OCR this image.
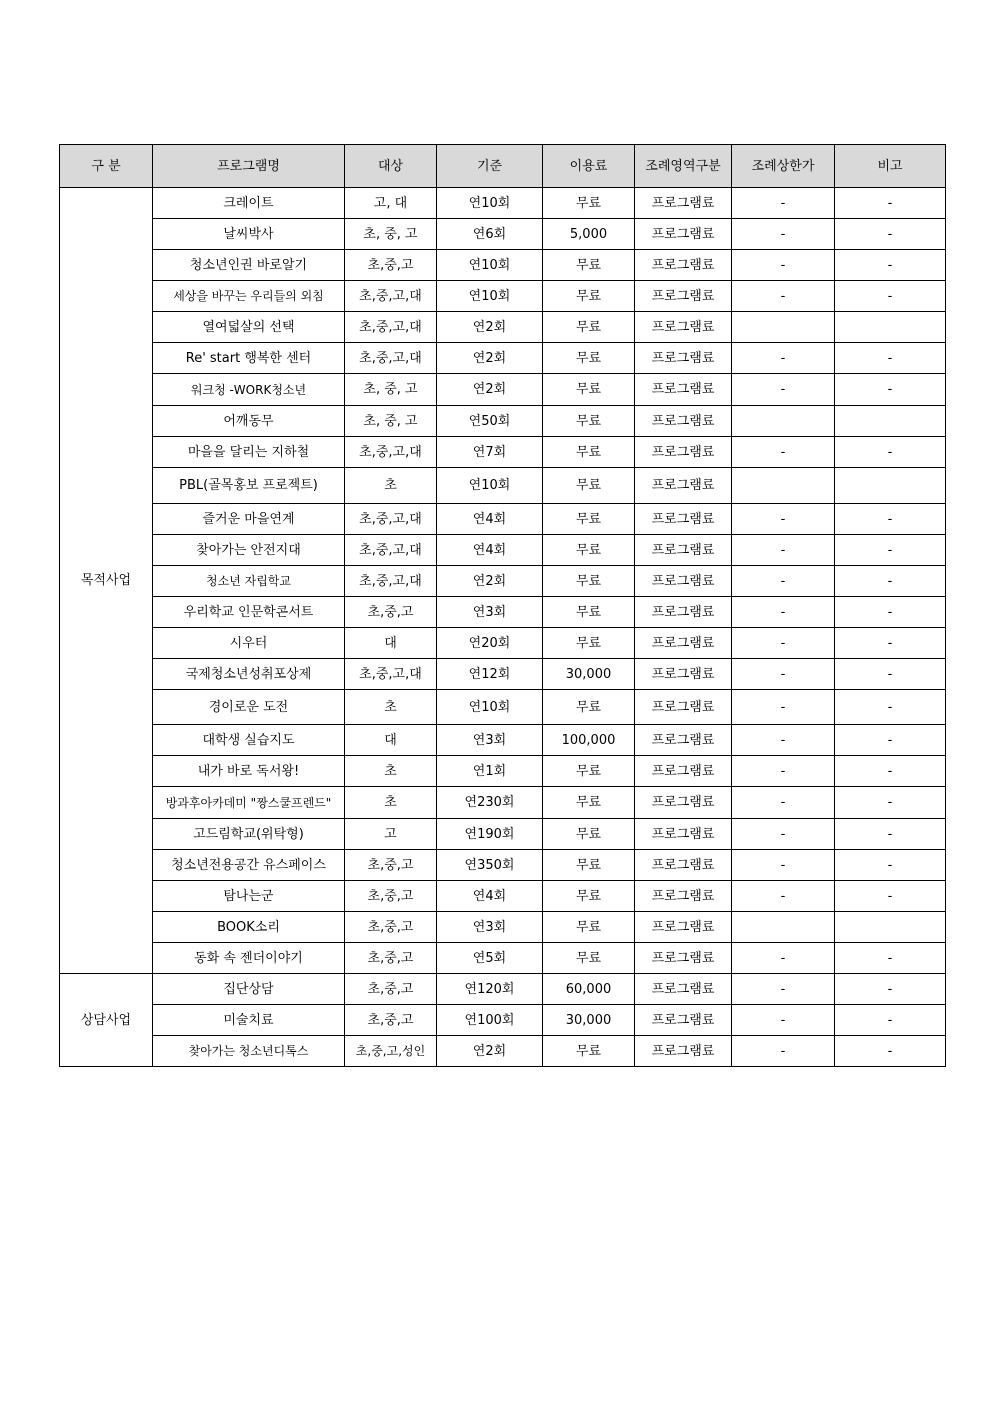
구 분	프로그램명	대상	기준	이용료	조례영역구분	조례상한가	비고
목적사업	크레이트	고, 대	연10회	무료	프로그램료	-	-
	날씨박사	초, 중, 고	연6회	5,000	프로그램료	-	-
	청소년인권 바로알기	초,중,고	연10회	무료	프로그램료	-	-
	세상을 바꾸는 우리들의 외침	초,중,고,대	연10회	무료	프로그램료	-	-
	열여덟살의 선택	초,중,고,대	연2회	무료	프로그램료		
	Re' start 행복한 센터	초,중,고,대	연2회	무료	프로그램료	-	-
	워크청 -WORK청소년	초, 중, 고	연2회	무료	프로그램료	-	-
	어깨동무	초, 중, 고	연50회	무료	프로그램료		
	마을을 달리는 지하철	초,중,고,대	연7회	무료	프로그램료	-	-
	PBL(골목홍보 프로젝트)	초	연10회	무료	프로그램료		
	즐거운 마을연계	초,중,고,대	연4회	무료	프로그램료	-	-
	찾아가는 안전지대	초,중,고,대	연4회	무료	프로그램료	-	-
	청소년 자립학교	초,중,고,대	연2회	무료	프로그램료	-	-
	우리학교 인문학콘서트	초,중,고	연3회	무료	프로그램료	-	-
	시우터	대	연20회	무료	프로그램료	-	-
	국제청소년성취포상제	초,중,고,대	연12회	30,000	프로그램료	-	-
	경이로운 도전	초	연10회	무료	프로그램료	-	-
	대학생 실습지도	대	연3회	100,000	프로그램료	-	-
	내가 바로 독서왕!	초	연1회	무료	프로그램료	-	-
	방과후아카데미 "짱스쿨프렌드"	초	연230회	무료	프로그램료	-	-
	고드림학교(위탁형)	고	연190회	무료	프로그램료	-	-
	청소년전용공간 유스페이스	초,중,고	연350회	무료	프로그램료	-	-
	탐나는군	초,중,고	연4회	무료	프로그램료	-	-
	BOOK소리	초,중,고	연3회	무료	프로그램료		
	동화 속 젠더이야기	초,중,고	연5회	무료	프로그램료	-	-
상담사업	집단상담	초,중,고	연120회	60,000	프로그램료	-	-
	미술치료	초,중,고	연100회	30,000	프로그램료	-	-
	찾아가는 청소년디톡스	초,중,고,성인	연2회	무료	프로그램료	-	-
